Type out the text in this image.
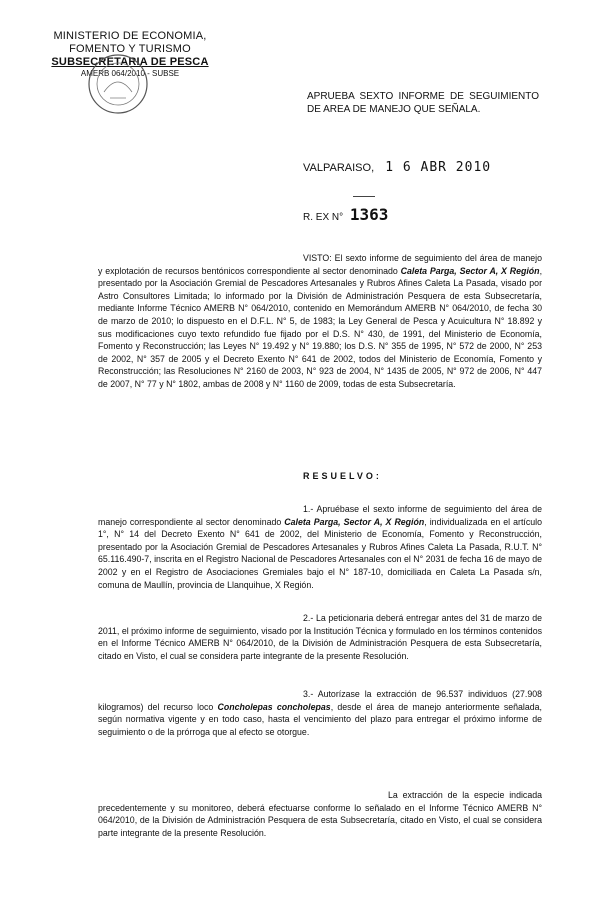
MINISTERIO DE ECONOMIA,
FOMENTO Y TURISMO
SUBSECRETARIA DE PESCA
AMERB 064/2010 - SUBSE
APRUEBA SEXTO INFORME DE SEGUIMIENTO DE AREA DE MANEJO QUE SEÑALA.
VALPARAISO, 1 6 ABR 2010
R. EX N° 1363

VISTO: El sexto informe de seguimiento del área de manejo y explotación de recursos bentónicos correspondiente al sector denominado Caleta Parga, Sector A, X Región, presentado por la Asociación Gremial de Pescadores Artesanales y Rubros Afines Caleta La Pasada, visado por Astro Consultores Limitada; lo informado por la División de Administración Pesquera de esta Subsecretaría, mediante Informe Técnico AMERB N° 064/2010, contenido en Memorándum AMERB N° 064/2010, de fecha 30 de marzo de 2010; lo dispuesto en el D.F.L. N° 5, de 1983; la Ley General de Pesca y Acuicultura N° 18.892 y sus modificaciones cuyo texto refundido fue fijado por el D.S. N° 430, de 1991, del Ministerio de Economía, Fomento y Reconstrucción; las Leyes N° 19.492 y N° 19.880; los D.S. N° 355 de 1995, N° 572 de 2000, N° 253 de 2002, N° 357 de 2005 y el Decreto Exento N° 641 de 2002, todos del Ministerio de Economía, Fomento y Reconstrucción; las Resoluciones N° 2160 de 2003, N° 923 de 2004, N° 1435 de 2005, N° 972 de 2006, N° 447 de 2007, N° 77 y N° 1802, ambas de 2008 y N° 1160 de 2009, todas de esta Subsecretaría.

RESUELVO:

1.- Apruébase el sexto informe de seguimiento del área de manejo correspondiente al sector denominado Caleta Parga, Sector A, X Región, individualizada en el artículo 1°, N° 14 del Decreto Exento N° 641 de 2002, del Ministerio de Economía, Fomento y Reconstrucción, presentado por la Asociación Gremial de Pescadores Artesanales y Rubros Afines Caleta La Pasada, R.U.T. N° 65.116.490-7, inscrita en el Registro Nacional de Pescadores Artesanales con el N° 2031 de fecha 16 de mayo de 2002 y en el Registro de Asociaciones Gremiales bajo el N° 187-10, domiciliada en Caleta La Pasada s/n, comuna de Maullín, provincia de Llanquihue, X Región.

2.- La peticionaria deberá entregar antes del 31 de marzo de 2011, el próximo informe de seguimiento, visado por la Institución Técnica y formulado en los términos contenidos en el Informe Técnico AMERB N° 064/2010, de la División de Administración Pesquera de esta Subsecretaría, citado en Visto, el cual se considera parte integrante de la presente Resolución.

3.- Autorízase la extracción de 96.537 individuos (27.908 kilogramos) del recurso loco Concholepas concholepas, desde el área de manejo anteriormente señalada, según normativa vigente y en todo caso, hasta el vencimiento del plazo para entregar el próximo informe de seguimiento o de la prórroga que al efecto se otorgue.

La extracción de la especie indicada precedentemente y su monitoreo, deberá efectuarse conforme lo señalado en el Informe Técnico AMERB N° 064/2010, de la División de Administración Pesquera de esta Subsecretaría, citado en Visto, el cual se considera parte integrante de la presente Resolución.
